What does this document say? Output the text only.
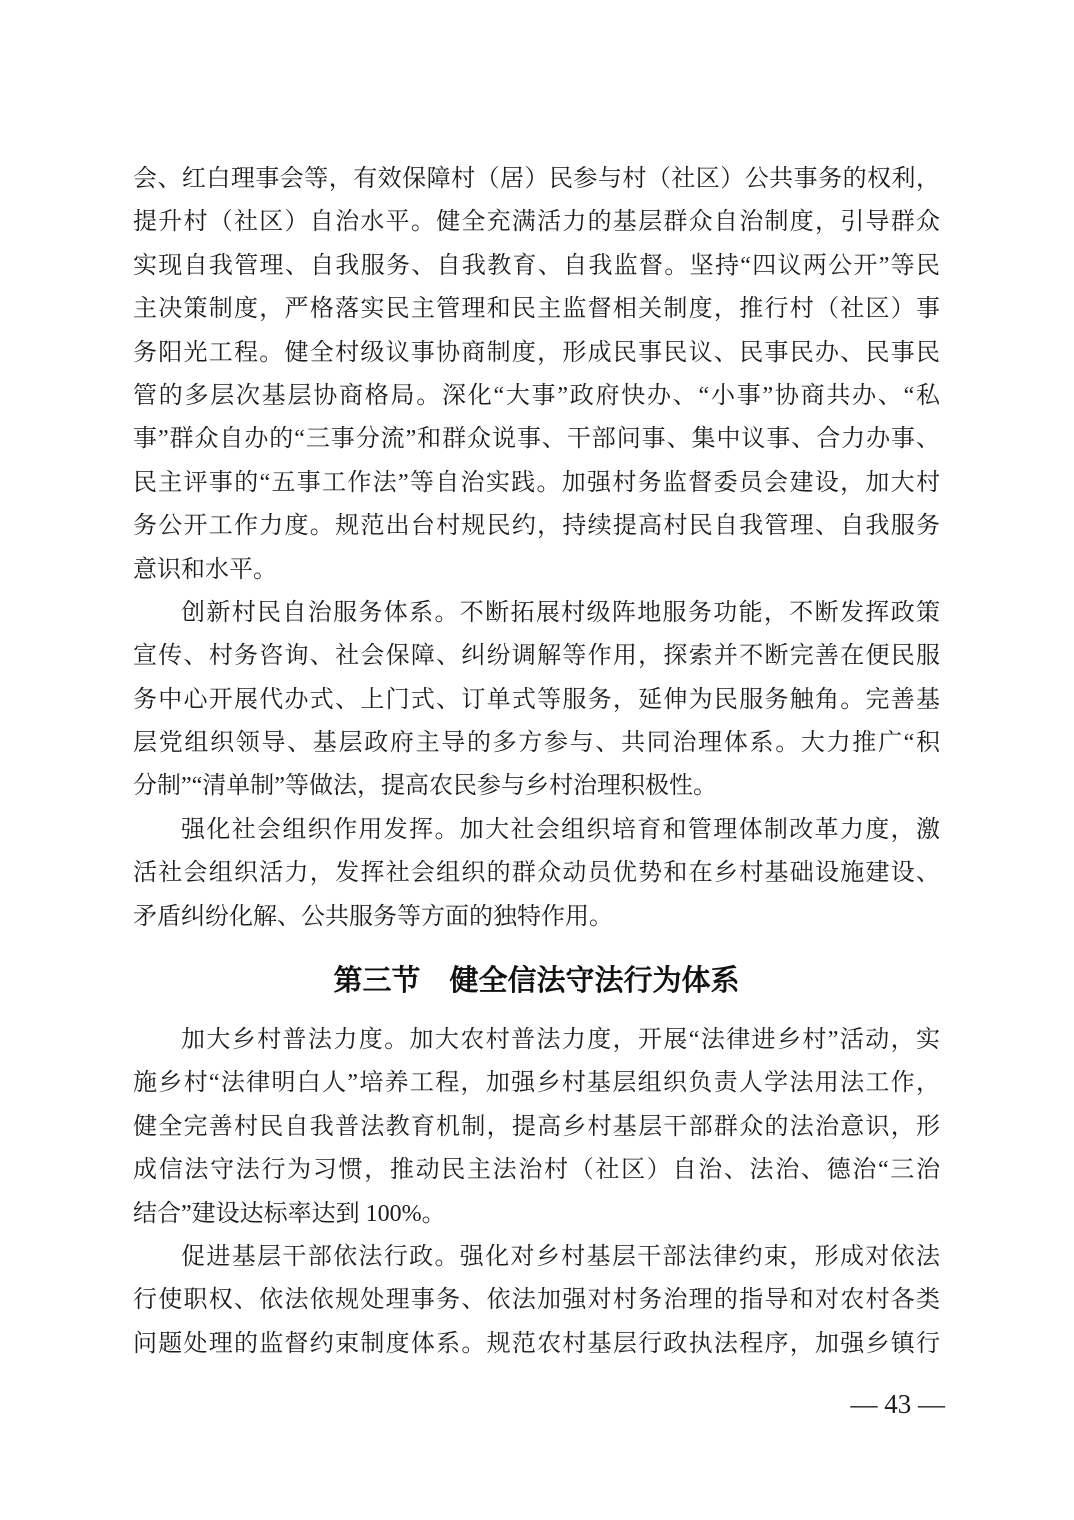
会、红白理事会等，有效保障村（居）民参与村（社区）公共事务的权利，
提升村（社区）自治水平。健全充满活力的基层群众自治制度，引导群众
实现自我管理、自我服务、自我教育、自我监督。坚持“四议两公开”等民
主决策制度，严格落实民主管理和民主监督相关制度，推行村（社区）事
务阳光工程。健全村级议事协商制度，形成民事民议、民事民办、民事民
管的多层次基层协商格局。深化“大事”政府快办、“小事”协商共办、“私
事”群众自办的“三事分流”和群众说事、干部问事、集中议事、合力办事、
民主评事的“五事工作法”等自治实践。加强村务监督委员会建设，加大村
务公开工作力度。规范出台村规民约，持续提高村民自我管理、自我服务
意识和水平。

创新村民自治服务体系。不断拓展村级阵地服务功能，不断发挥政策
宣传、村务咨询、社会保障、纠纷调解等作用，探索并不断完善在便民服
务中心开展代办式、上门式、订单式等服务，延伸为民服务触角。完善基
层党组织领导、基层政府主导的多方参与、共同治理体系。大力推广“积
分制”“清单制”等做法，提高农民参与乡村治理积极性。

强化社会组织作用发挥。加大社会组织培育和管理体制改革力度，激
活社会组织活力，发挥社会组织的群众动员优势和在乡村基础设施建设、
矛盾纠纷化解、公共服务等方面的独特作用。

第三节　健全信法守法行为体系

加大乡村普法力度。加大农村普法力度，开展“法律进乡村”活动，实
施乡村“法律明白人”培养工程，加强乡村基层组织负责人学法用法工作，
健全完善村民自我普法教育机制，提高乡村基层干部群众的法治意识，形
成信法守法行为习惯，推动民主法治村（社区）自治、法治、德治“三治
结合”建设达标率达到 100%。

促进基层干部依法行政。强化对乡村基层干部法律约束，形成对依法
行使职权、依法依规处理事务、依法加强对村务治理的指导和对农村各类
问题处理的监督约束制度体系。规范农村基层行政执法程序，加强乡镇行

— 43 —
